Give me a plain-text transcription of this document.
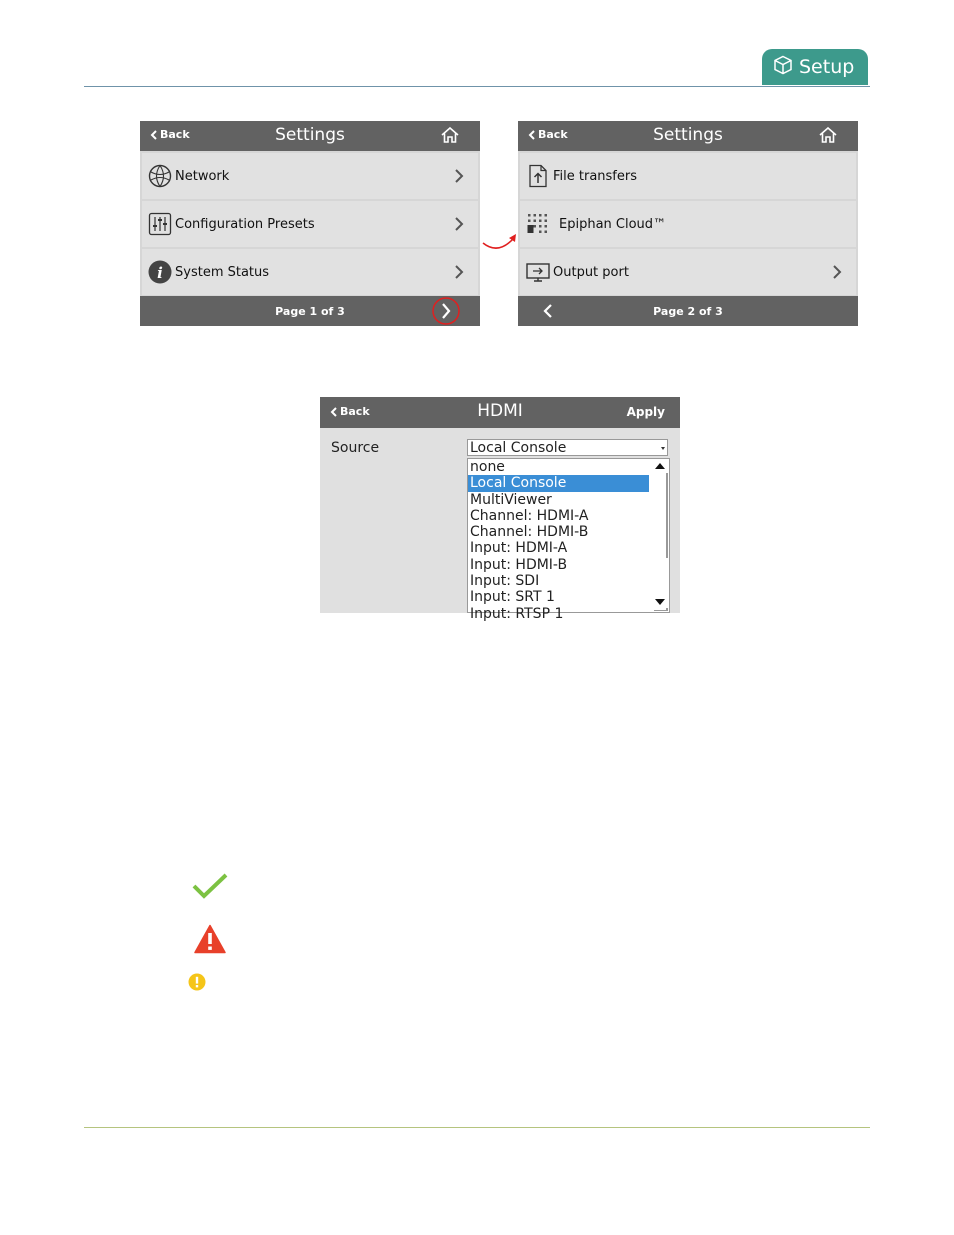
Setup
Back	Settings
Network
Configuration Presets
i System Status
Page 1 of 3
Back	Settings
File transfers
Epiphan Cloud™
Output port
Page 2 of 3
Back	HDMI	Apply
Source	Local Console
none
Local Console
MultiViewer
Channel: HDMI-A
Channel: HDMI-B
Input: HDMI-A
Input: HDMI-B
Input: SDI
Input: SRT 1
Input: RTSP 1
